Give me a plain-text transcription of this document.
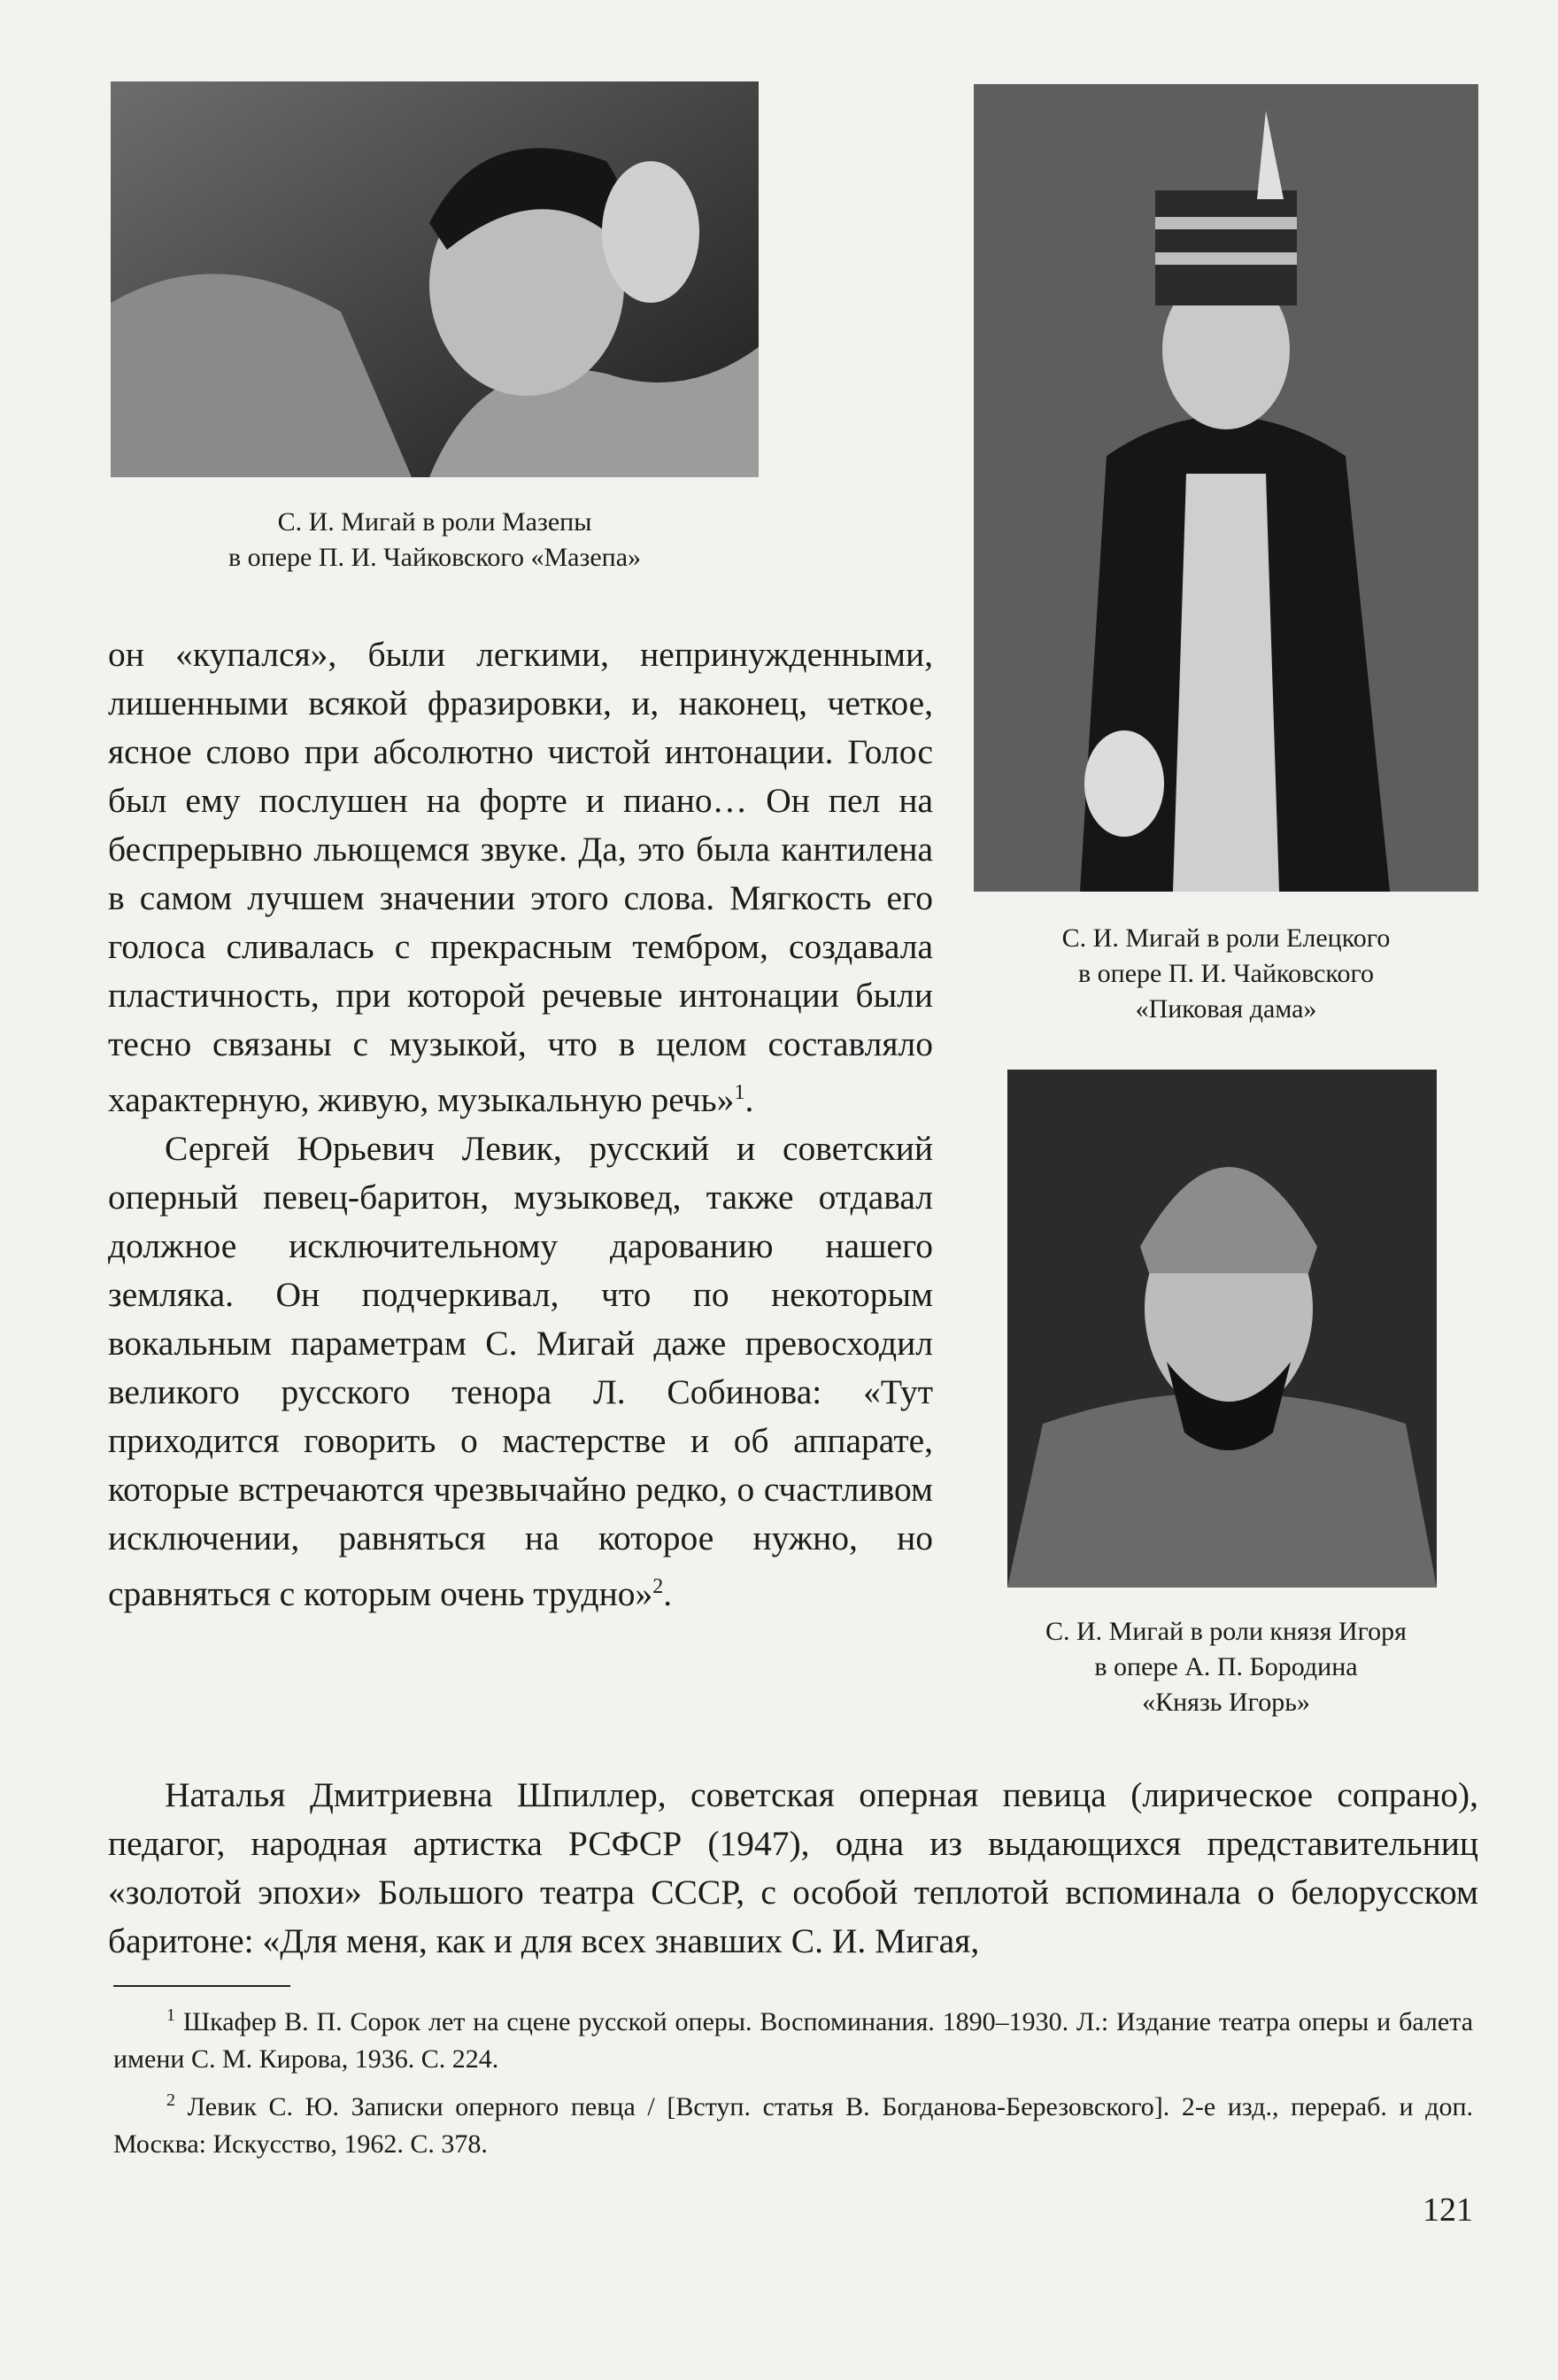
С. И. Мигай в роли Мазепы
в опере П. И. Чайковского «Мазепа»
С. И. Мигай в роли Елецкого
в опере П. И. Чайковского
«Пиковая дама»
С. И. Мигай в роли князя Игоря
в опере А. П. Бородина
«Князь Игорь»

он «купался», были легкими, непринужденными, лишенными всякой фразировки, и, наконец, четкое, ясное слово при абсолютно чистой интонации. Голос был ему послушен на форте и пиано… Он пел на беспрерывно льющемся звуке. Да, это была кантилена в самом лучшем значении этого слова. Мягкость его голоса сливалась с прекрасным тембром, создавала пластичность, при которой речевые интонации были тесно связаны с музыкой, что в целом составляло характерную, живую, музыкальную речь»$^1$.

Сергей Юрьевич Левик, русский и советский оперный певец-баритон, музыковед, также отдавал должное исключительному дарованию нашего земляка. Он подчеркивал, что по некоторым вокальным параметрам С. Мигай даже превосходил великого русского тенора Л. Собинова: «Тут приходится говорить о мастерстве и об аппарате, которые встречаются чрезвычайно редко, о счастливом исключении, равняться на которое нужно, но сравняться с которым очень трудно»$^2$.

Наталья Дмитриевна Шпиллер, советская оперная певица (лирическое сопрано), педагог, народная артистка РСФСР (1947), одна из выдающихся представительниц «золотой эпохи» Большого театра СССР, с особой теплотой вспоминала о белорусском баритоне: «Для меня, как и для всех знавших С. И. Мигая,

$^1$ Шкафер В. П. Сорок лет на сцене русской оперы. Воспоминания. 1890–1930. Л.: Издание театра оперы и балета имени С. М. Кирова, 1936. С. 224.

$^2$ Левик С. Ю. Записки оперного певца / [Вступ. статья В. Богданова-Березовского]. 2-е изд., перераб. и доп. Москва: Искусство, 1962. С. 378.

121
